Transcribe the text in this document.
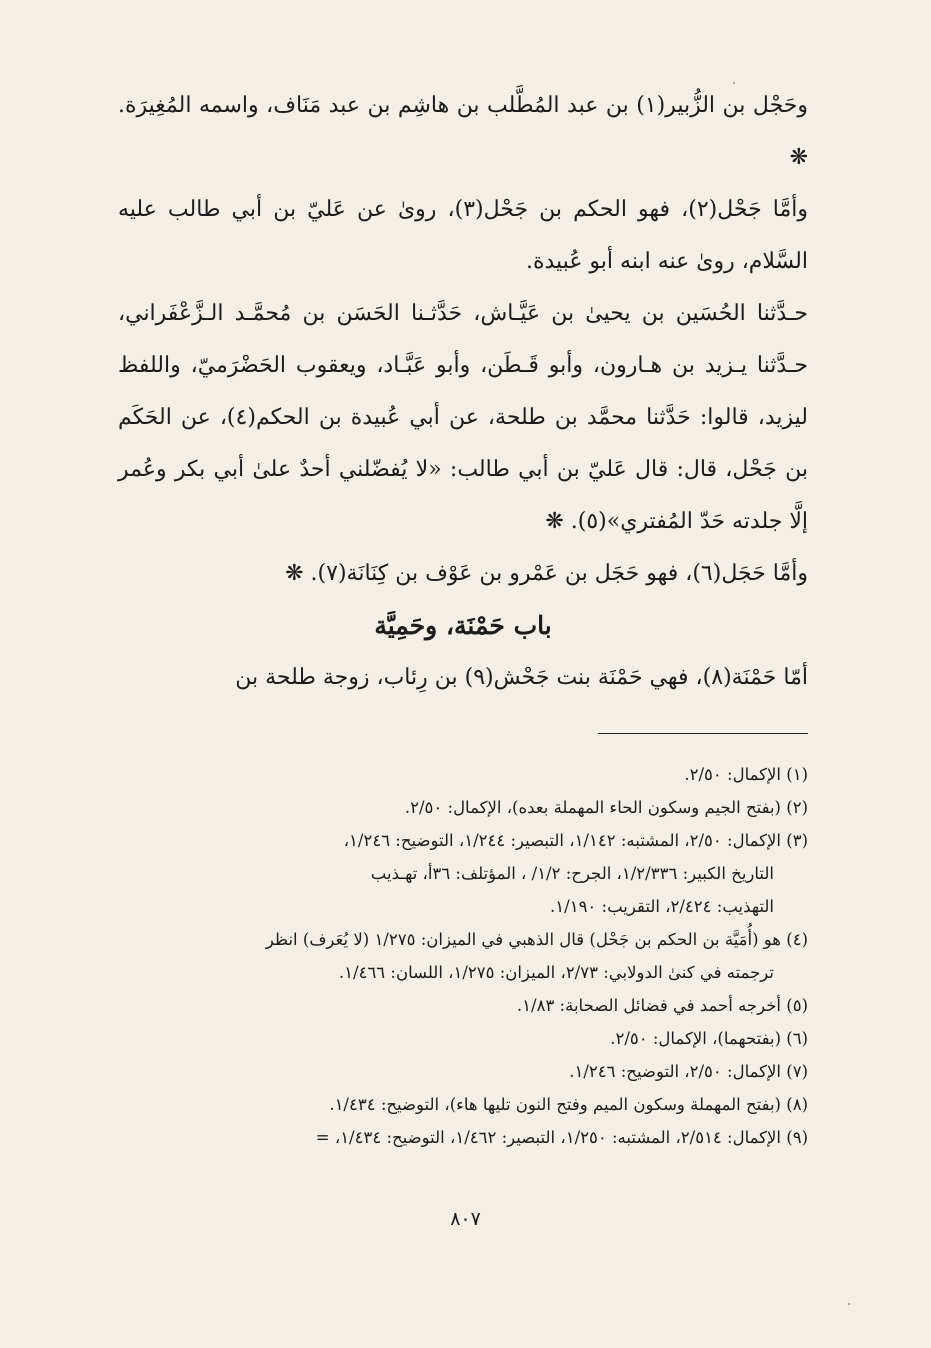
وحَجْل بن الزُّبير(١) بن عبد المُطَّلب بن هاشِم بن عبد مَنَاف، واسمه المُغِيرَة. ❋

وأمَّا جَحْل(٢)، فهو الحكم بن جَحْل(٣)، روىٰ عن عَليّ بن أبي طالب عليه السَّلام، روىٰ عنه ابنه أبو عُبيدة.

حـدَّثنا الحُسَين بن يحيىٰ بن عَيَّـاش، حَدَّثـنا الحَسَن بن مُحمَّـد الـزَّعْفَراني، حـدَّثنا يـزيد بن هـارون، وأبو قَـطَن، وأبو عَبَّـاد، ويعقوب الحَضْرَميّ، واللفظ ليزيد، قالوا: حَدَّثنا محمَّد بن طلحة، عن أبي عُبيدة بن الحكم(٤)، عن الحَكَم بن جَحْل، قال: قال عَليّ بن أبي طالب: «لا يُفضّلني أحدٌ علىٰ أبي بكر وعُمر إلَّا جلدته حَدّ المُفتري»(٥). ❋

وأمَّا حَجَل(٦)، فهو حَجَل بن عَمْرو بن عَوْف بن كِنَانَة(٧). ❋

باب حَمْنَة، وحَمِيَّة

أمّا حَمْنَة(٨)، فهي حَمْنَة بنت جَحْش(٩) بن رِئاب، زوجة طلحة بن

(١) الإكمال: ٢/٥٠.

(٢) (بفتح الجيم وسكون الحاء المهملة بعده)، الإكمال: ٢/٥٠.

(٣) الإكمال: ٢/٥٠، المشتبه: ١/١٤٢، التبصير: ١/٢٤٤، التوضيح: ١/٢٤٦،

التاريخ الكبير: ١/٢/٣٣٦، الجرح: ١/٢/ ، المؤتلف: ٣٦أ، تهـذيب

التهذيب: ٢/٤٢٤، التقريب: ١/١٩٠.

(٤) هو (أُمَيَّة بن الحكم بن جَحْل) قال الذهبي في الميزان: ١/٢٧٥ (لا يُعَرف) انظر

ترجمته في كنىٰ الدولابي: ٢/٧٣، الميزان: ١/٢٧٥، اللسان: ١/٤٦٦.

(٥) أخرجه أحمد في فضائل الصحابة: ١/٨٣.

(٦) (بفتحهما)، الإكمال: ٢/٥٠.

(٧) الإكمال: ٢/٥٠، التوضيح: ١/٢٤٦.

(٨) (بفتح المهملة وسكون الميم وفتح النون تليها هاء)، التوضيح: ١/٤٣٤.

(٩) الإكمال: ٢/٥١٤، المشتبه: ١/٢٥٠، التبصير: ١/٤٦٢، التوضيح: ١/٤٣٤، =

٨٠٧
